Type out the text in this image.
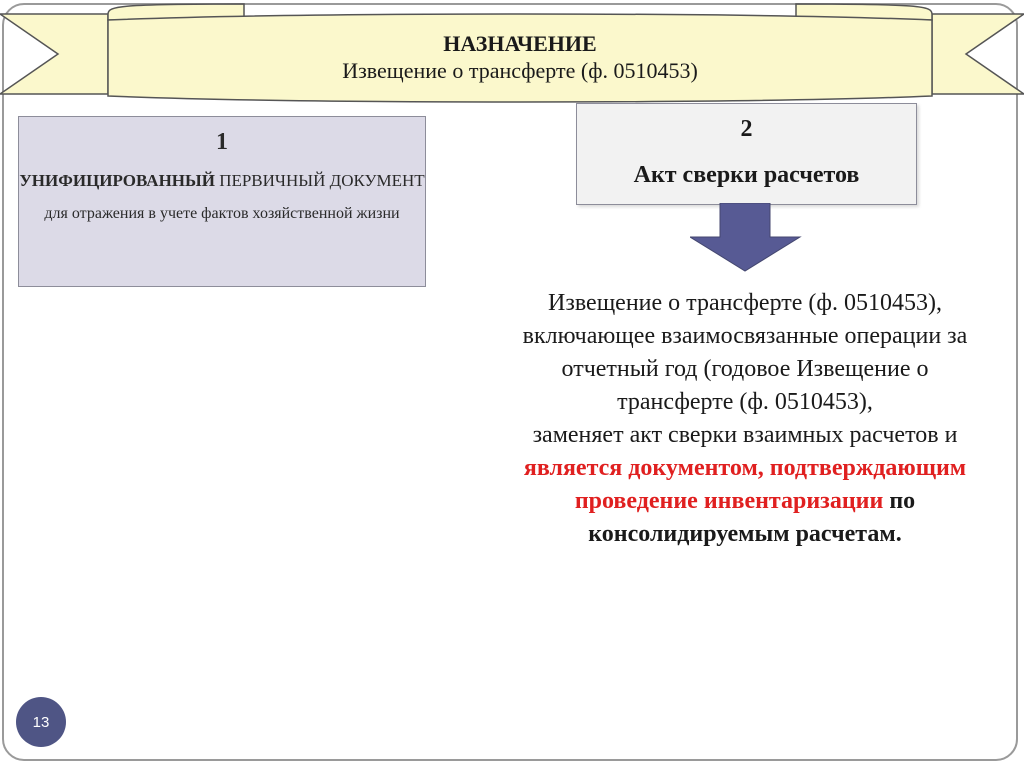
НАЗНАЧЕНИЕ
Извещение о трансферте (ф. 0510453)
1
УНИФИЦИРОВАННЫЙ ПЕРВИЧНЫЙ ДОКУМЕНТ
для отражения в учете фактов хозяйственной жизни
2
Акт сверки расчетов
Извещение о трансферте (ф. 0510453),
включающее взаимосвязанные операции за
отчетный год (годовое Извещение о
трансферте (ф. 0510453),
заменяет акт сверки взаимных расчетов и
является документом, подтверждающим
проведение инвентаризации по
консолидируемым расчетам.
13
